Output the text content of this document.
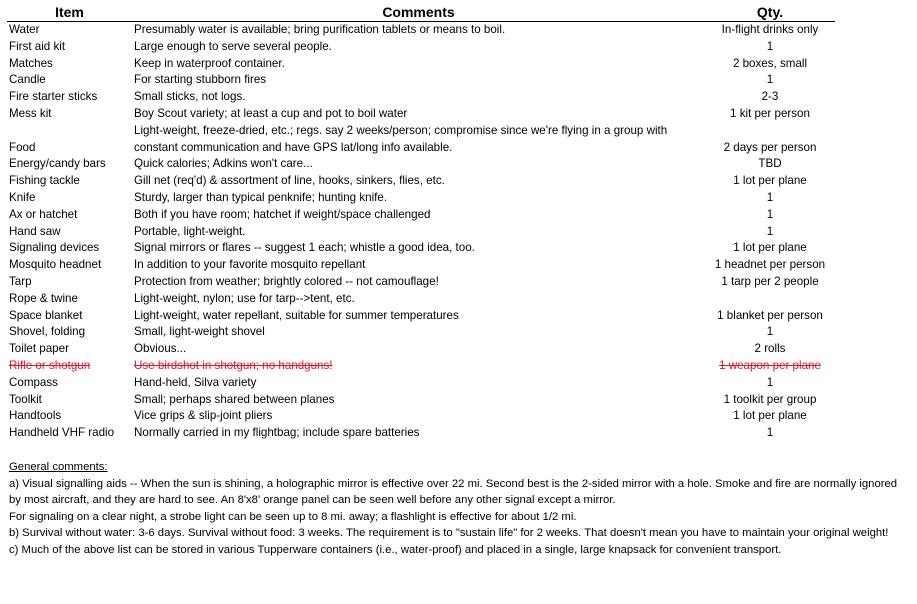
Item	Comments	Qty.
Water	Presumably water is available; bring purification tablets or means to boil.	In-flight drinks only
First aid kit	Large enough to serve several people.	1
Matches	Keep in waterproof container.	2 boxes, small
Candle	For starting stubborn fires	1
Fire starter sticks	Small sticks, not logs.	2-3
Mess kit	Boy Scout variety; at least a cup and pot to boil water	1 kit per person
Food	Light-weight, freeze-dried, etc.; regs. say 2 weeks/person; compromise since we're flying in a group with constant communication and have GPS lat/long info available.	2 days per person
Energy/candy bars	Quick calories; Adkins won't care...	TBD
Fishing tackle	Gill net (req'd) & assortment of line, hooks, sinkers, flies, etc.	1 lot per plane
Knife	Sturdy, larger than typical penknife; hunting knife.	1
Ax or hatchet	Both if you have room; hatchet if weight/space challenged	1
Hand saw	Portable, light-weight.	1
Signaling devices	Signal mirrors or flares -- suggest 1 each; whistle a good idea, too.	1 lot per plane
Mosquito headnet	In addition to your favorite mosquito repellant	1 headnet per person
Tarp	Protection from weather; brightly colored -- not camouflage!	1 tarp per 2 people
Rope & twine	Light-weight, nylon; use for tarp-->tent, etc.	
Space blanket	Light-weight, water repellant, suitable for summer temperatures	1 blanket per person
Shovel, folding	Small, light-weight shovel	1
Toilet paper	Obvious...	2 rolls
Rifle or shotgun	Use birdshot in shotgun; no handguns!	1 weapon per plane
Compass	Hand-held, Silva variety	1
Toolkit	Small; perhaps shared between planes	1 toolkit per group
Handtools	Vice grips & slip-joint pliers	1 lot per plane
Handheld VHF radio	Normally carried in my flightbag; include spare batteries	1

General comments:

a) Visual signalling aids -- When the sun is shining, a holographic mirror is effective over 22 mi. Second best is the 2-sided mirror with a hole. Smoke and fire are normally ignored by most aircraft, and they are hard to see. An 8'x8' orange panel can be seen well before any other signal except a mirror.

For signaling on a clear night, a strobe light can be seen up to 8 mi. away; a flashlight is effective for about 1/2 mi.

b) Survival without water: 3-6 days. Survival without food: 3 weeks. The requirement is to "sustain life" for 2 weeks. That doesn't mean you have to maintain your original weight!

c) Much of the above list can be stored in various Tupperware containers (i.e., water-proof) and placed in a single, large knapsack for convenient transport.
